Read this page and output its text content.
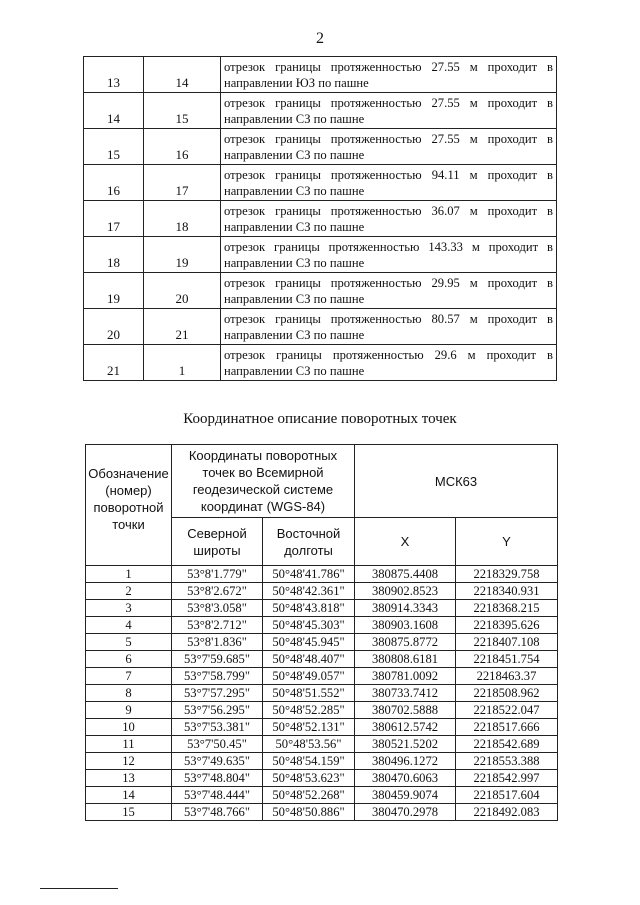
2
13	14	отрезок границы протяженностью 27.55 м проходит в направлении ЮЗ по пашне
14	15	отрезок границы протяженностью 27.55 м проходит в направлении СЗ по пашне
15	16	отрезок границы протяженностью 27.55 м проходит в направлении СЗ по пашне
16	17	отрезок границы протяженностью 94.11 м проходит в направлении СЗ по пашне
17	18	отрезок границы протяженностью 36.07 м проходит в направлении СЗ по пашне
18	19	отрезок границы протяженностью 143.33 м проходит в направлении СЗ по пашне
19	20	отрезок границы протяженностью 29.95 м проходит в направлении СЗ по пашне
20	21	отрезок границы протяженностью 80.57 м проходит в направлении СЗ по пашне
21	1	отрезок границы протяженностью 29.6 м проходит в направлении СЗ по пашне
Координатное описание поворотных точек
Обозначение (номер) поворотной точки	Координаты поворотных точек во Всемирной геодезической системе координат (WGS-84)		МСК63	
	Северной широты	Восточной долготы	X	Y
1	53°8'1.779"	50°48'41.786"	380875.4408	2218329.758
2	53°8'2.672"	50°48'42.361"	380902.8523	2218340.931
3	53°8'3.058"	50°48'43.818"	380914.3343	2218368.215
4	53°8'2.712"	50°48'45.303"	380903.1608	2218395.626
5	53°8'1.836"	50°48'45.945"	380875.8772	2218407.108
6	53°7'59.685"	50°48'48.407"	380808.6181	2218451.754
7	53°7'58.799"	50°48'49.057"	380781.0092	2218463.37
8	53°7'57.295"	50°48'51.552"	380733.7412	2218508.962
9	53°7'56.295"	50°48'52.285"	380702.5888	2218522.047
10	53°7'53.381"	50°48'52.131"	380612.5742	2218517.666
11	53°7'50.45"	50°48'53.56"	380521.5202	2218542.689
12	53°7'49.635"	50°48'54.159"	380496.1272	2218553.388
13	53°7'48.804"	50°48'53.623"	380470.6063	2218542.997
14	53°7'48.444"	50°48'52.268"	380459.9074	2218517.604
15	53°7'48.766"	50°48'50.886"	380470.2978	2218492.083
